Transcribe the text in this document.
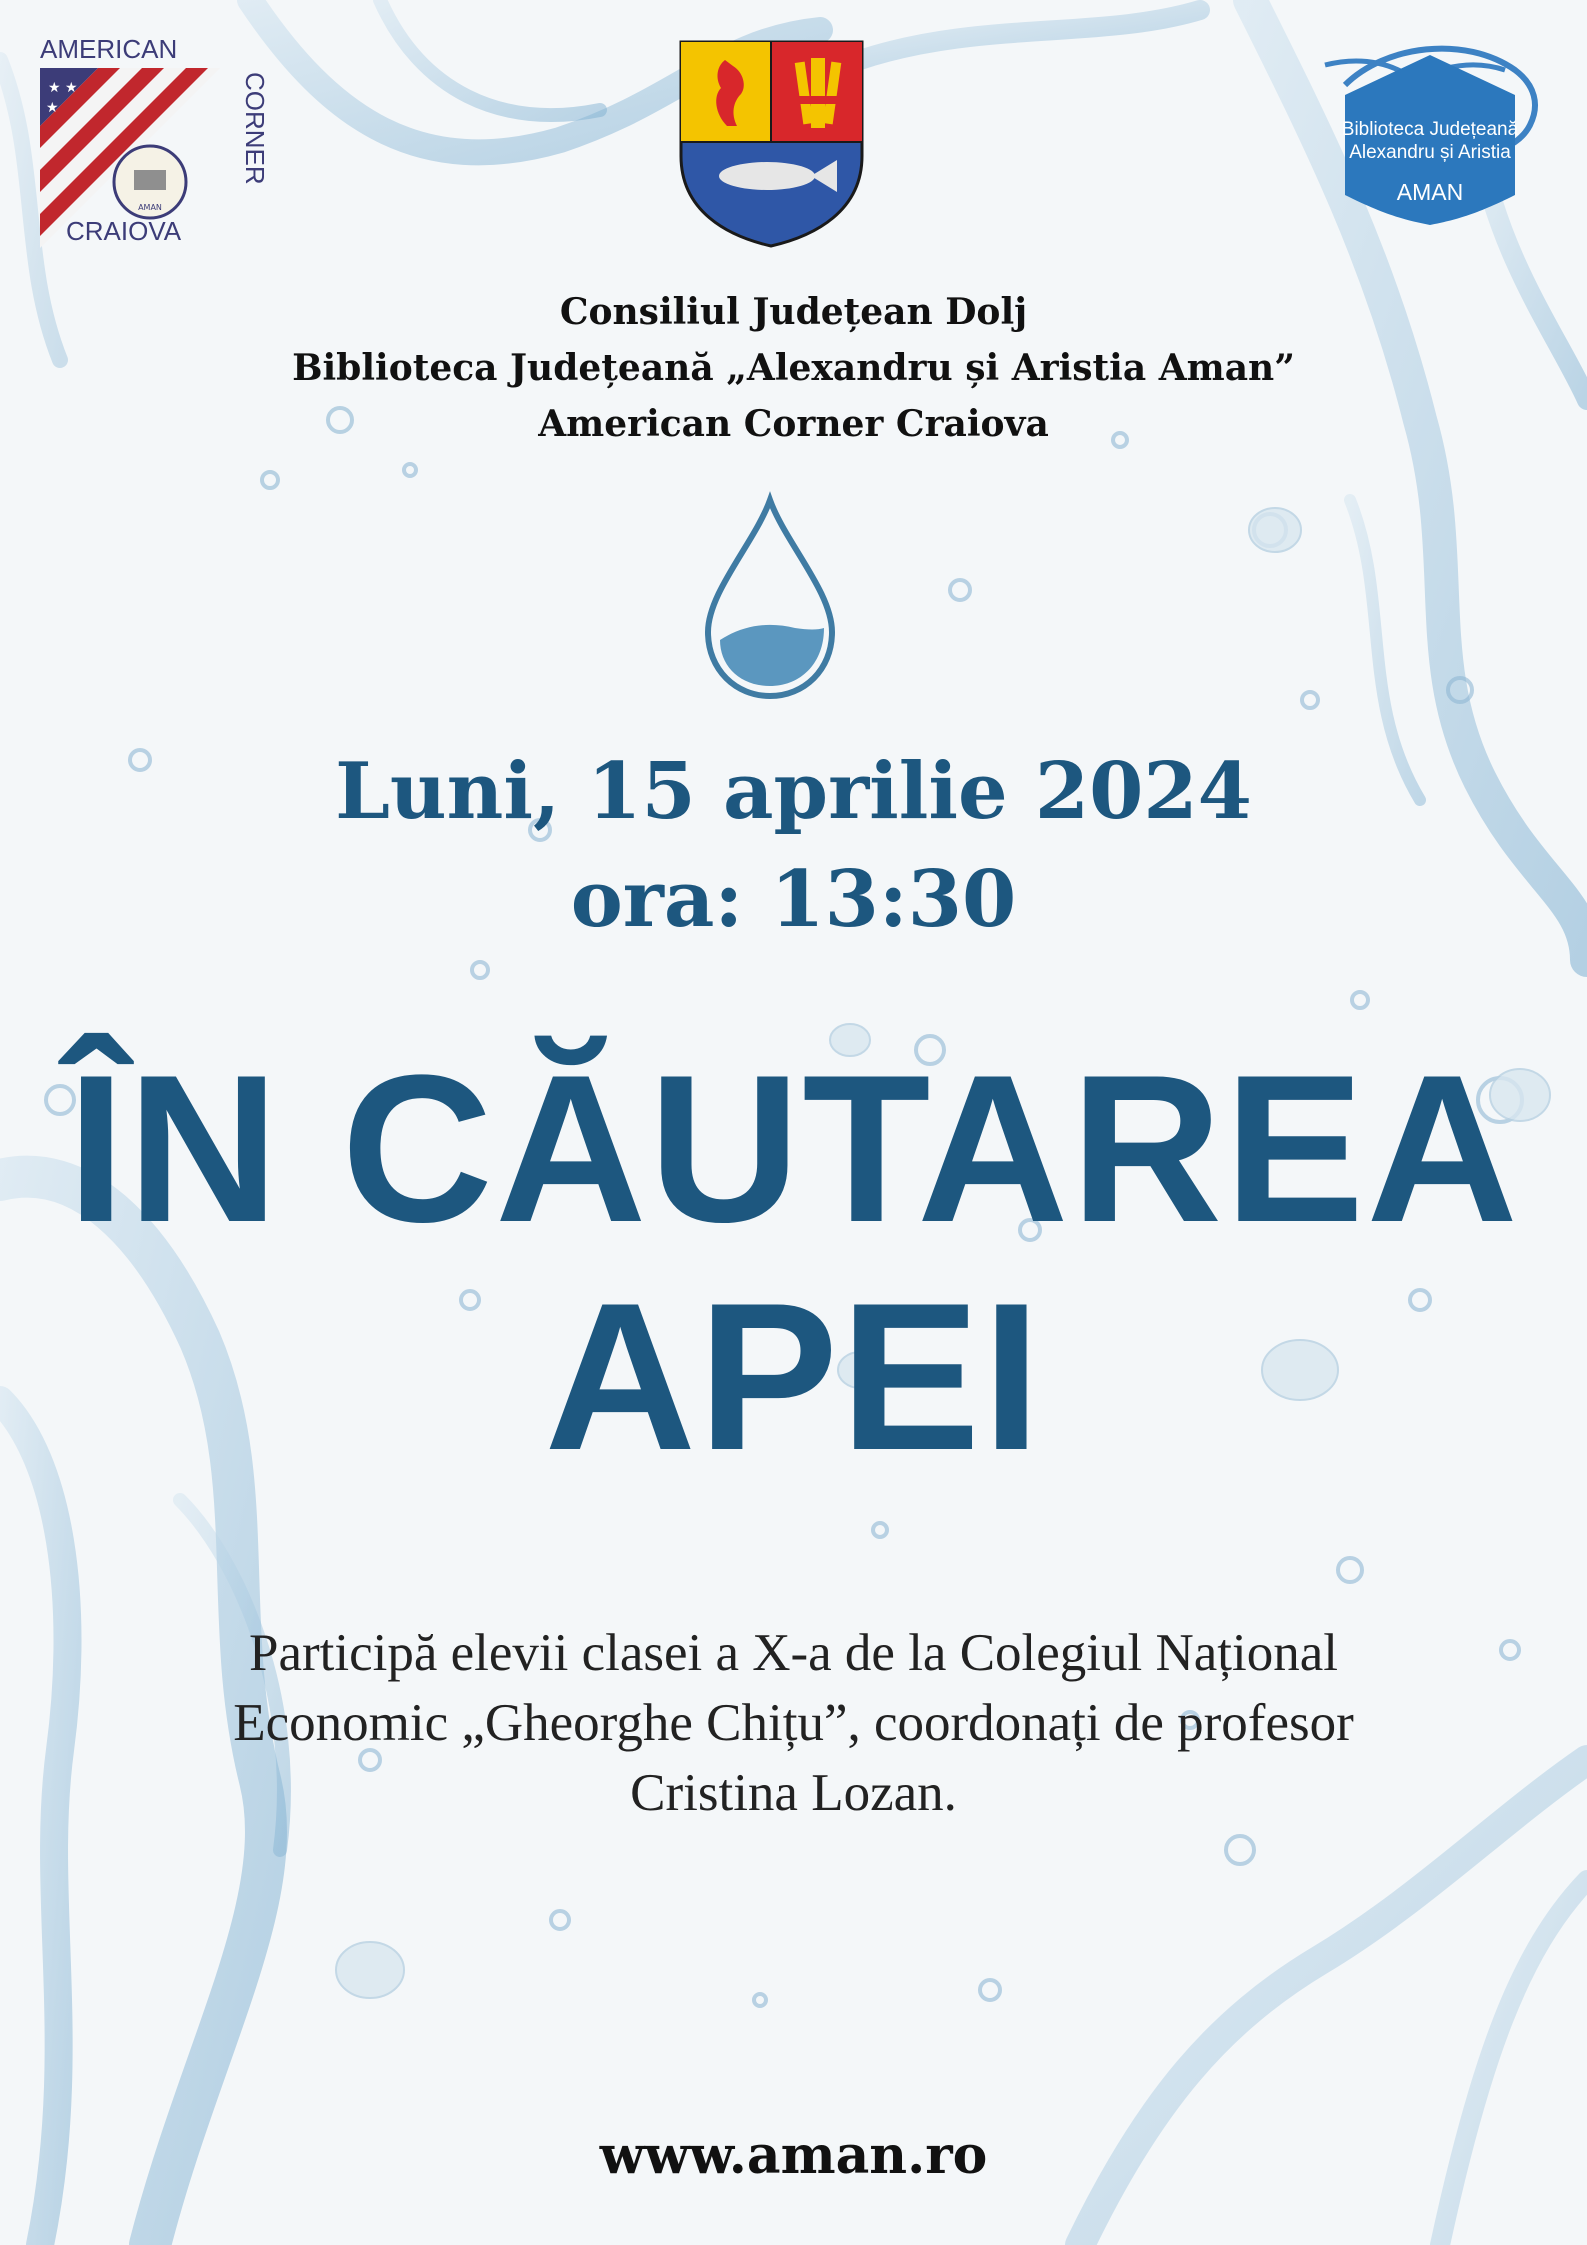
AMERICAN
★ ★
★
AMAN
CORNER
CRAIOVA
Biblioteca Județeană
Alexandru și Aristia
AMAN
Consiliul Județean Dolj
Biblioteca Județeană „Alexandru și Aristia Aman”
American Corner Craiova
Luni, 15 aprilie 2024
ora: 13:30
ÎN CĂUTAREA
APEI
Participă elevii clasei a X-a de la Colegiul Național
Economic „Gheorghe Chițu”, coordonați de profesor
Cristina Lozan.
www.aman.ro
